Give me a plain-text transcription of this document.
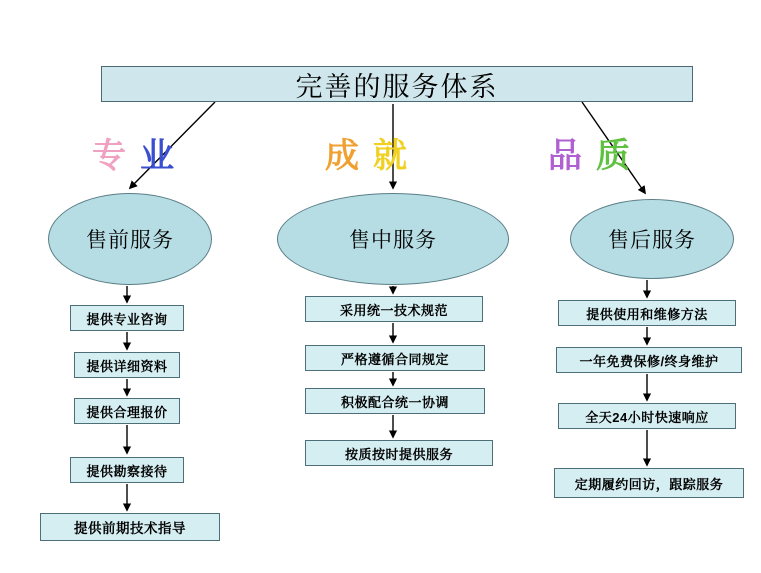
完善的服务体系
专业	成就	品质
售前服务	售中服务	售后服务
提供专业咨询
提供详细资料
提供合理报价
提供勘察接待
提供前期技术指导
采用统一技术规范
严格遵循合同规定
积极配合统一协调
按质按时提供服务
提供使用和维修方法
一年免费保修/终身维护
全天24小时快速响应
定期履约回访，跟踪服务
